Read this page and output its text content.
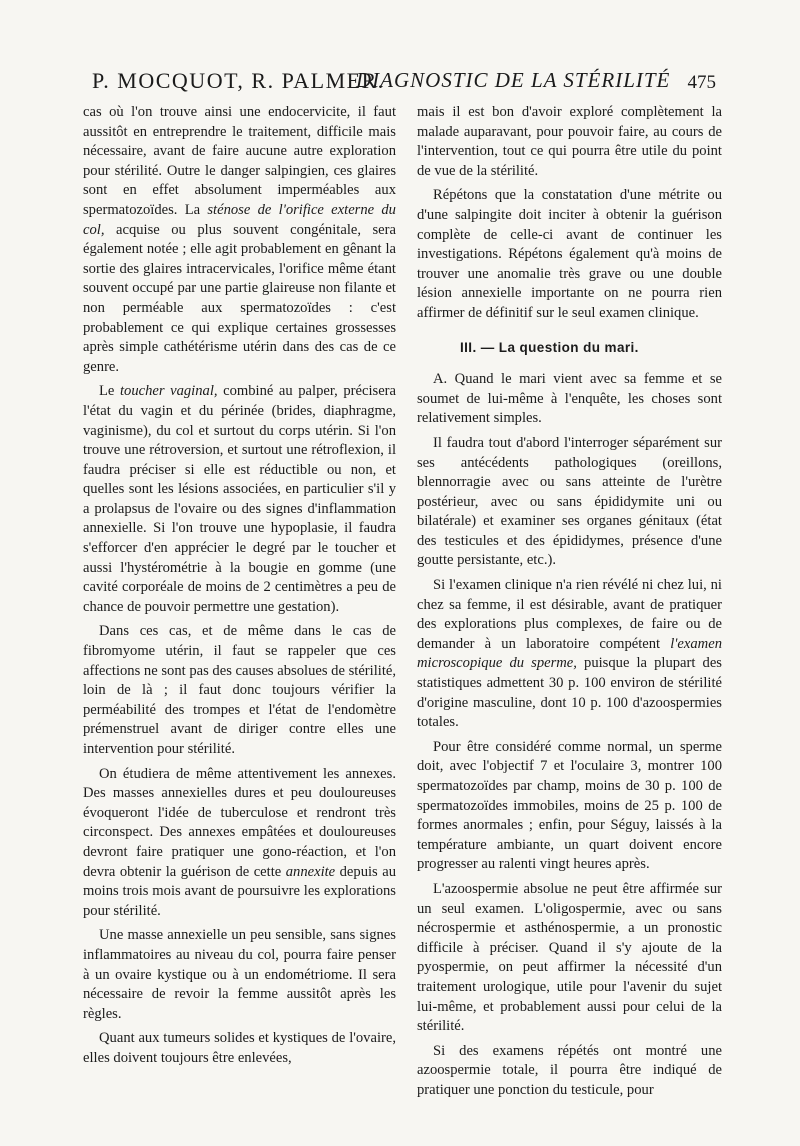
P. MOCQUOT, R. PALMER.
DIAGNOSTIC DE LA STÉRILITÉ 475

cas où l'on trouve ainsi une endocervicite, il faut aussitôt en entreprendre le traitement, difficile mais nécessaire, avant de faire aucune autre exploration pour stérilité. Outre le danger salpingien, ces glaires sont en effet absolument imperméables aux spermatozoïdes. La sténose de l'orifice externe du col, acquise ou plus souvent congénitale, sera également notée ; elle agit probablement en gênant la sortie des glaires intracervicales, l'orifice même étant souvent occupé par une partie glaireuse non filante et non perméable aux spermatozoïdes : c'est probablement ce qui explique certaines grossesses après simple cathétérisme utérin dans des cas de ce genre.

Le toucher vaginal, combiné au palper, précisera l'état du vagin et du périnée (brides, diaphragme, vaginisme), du col et surtout du corps utérin. Si l'on trouve une rétroversion, et surtout une rétroflexion, il faudra préciser si elle est réductible ou non, et quelles sont les lésions associées, en particulier s'il y a prolapsus de l'ovaire ou des signes d'inflammation annexielle. Si l'on trouve une hypoplasie, il faudra s'efforcer d'en apprécier le degré par le toucher et aussi l'hystérométrie à la bougie en gomme (une cavité corporéale de moins de 2 centimètres a peu de chance de pouvoir permettre une gestation).

Dans ces cas, et de même dans le cas de fibromyome utérin, il faut se rappeler que ces affections ne sont pas des causes absolues de stérilité, loin de là ; il faut donc toujours vérifier la perméabilité des trompes et l'état de l'endomètre prémenstruel avant de diriger contre elles une intervention pour stérilité.

On étudiera de même attentivement les annexes. Des masses annexielles dures et peu douloureuses évoqueront l'idée de tuberculose et rendront très circonspect. Des annexes empâtées et douloureuses devront faire pratiquer une gono-réaction, et l'on devra obtenir la guérison de cette annexite depuis au moins trois mois avant de poursuivre les explorations pour stérilité.

Une masse annexielle un peu sensible, sans signes inflammatoires au niveau du col, pourra faire penser à un ovaire kystique ou à un endométriome. Il sera nécessaire de revoir la femme aussitôt après les règles.

Quant aux tumeurs solides et kystiques de l'ovaire, elles doivent toujours être enlevées,

mais il est bon d'avoir exploré complètement la malade auparavant, pour pouvoir faire, au cours de l'intervention, tout ce qui pourra être utile du point de vue de la stérilité.

Répétons que la constatation d'une métrite ou d'une salpingite doit inciter à obtenir la guérison complète de celle-ci avant de continuer les investigations. Répétons également qu'à moins de trouver une anomalie très grave ou une double lésion annexielle importante on ne pourra rien affirmer de définitif sur le seul examen clinique.

III. — La question du mari.

A. Quand le mari vient avec sa femme et se soumet de lui-même à l'enquête, les choses sont relativement simples.

Il faudra tout d'abord l'interroger séparément sur ses antécédents pathologiques (oreillons, blennorragie avec ou sans atteinte de l'urètre postérieur, avec ou sans épididymite uni ou bilatérale) et examiner ses organes génitaux (état des testicules et des épididymes, présence d'une goutte persistante, etc.).

Si l'examen clinique n'a rien révélé ni chez lui, ni chez sa femme, il est désirable, avant de pratiquer des explorations plus complexes, de faire ou de demander à un laboratoire compétent l'examen microscopique du sperme, puisque la plupart des statistiques admettent 30 p. 100 environ de stérilité d'origine masculine, dont 10 p. 100 d'azoospermies totales.

Pour être considéré comme normal, un sperme doit, avec l'objectif 7 et l'oculaire 3, montrer 100 spermatozoïdes par champ, moins de 30 p. 100 de spermatozoïdes immobiles, moins de 25 p. 100 de formes anormales ; enfin, pour Séguy, laissés à la température ambiante, un quart doivent encore progresser au ralenti vingt heures après.

L'azoospermie absolue ne peut être affirmée sur un seul examen. L'oligospermie, avec ou sans nécrospermie et asthénospermie, a un pronostic difficile à préciser. Quand il s'y ajoute de la pyospermie, on peut affirmer la nécessité d'un traitement urologique, utile pour l'avenir du sujet lui-même, et probablement aussi pour celui de la stérilité.

Si des examens répétés ont montré une azoospermie totale, il pourra être indiqué de pratiquer une ponction du testicule, pour
